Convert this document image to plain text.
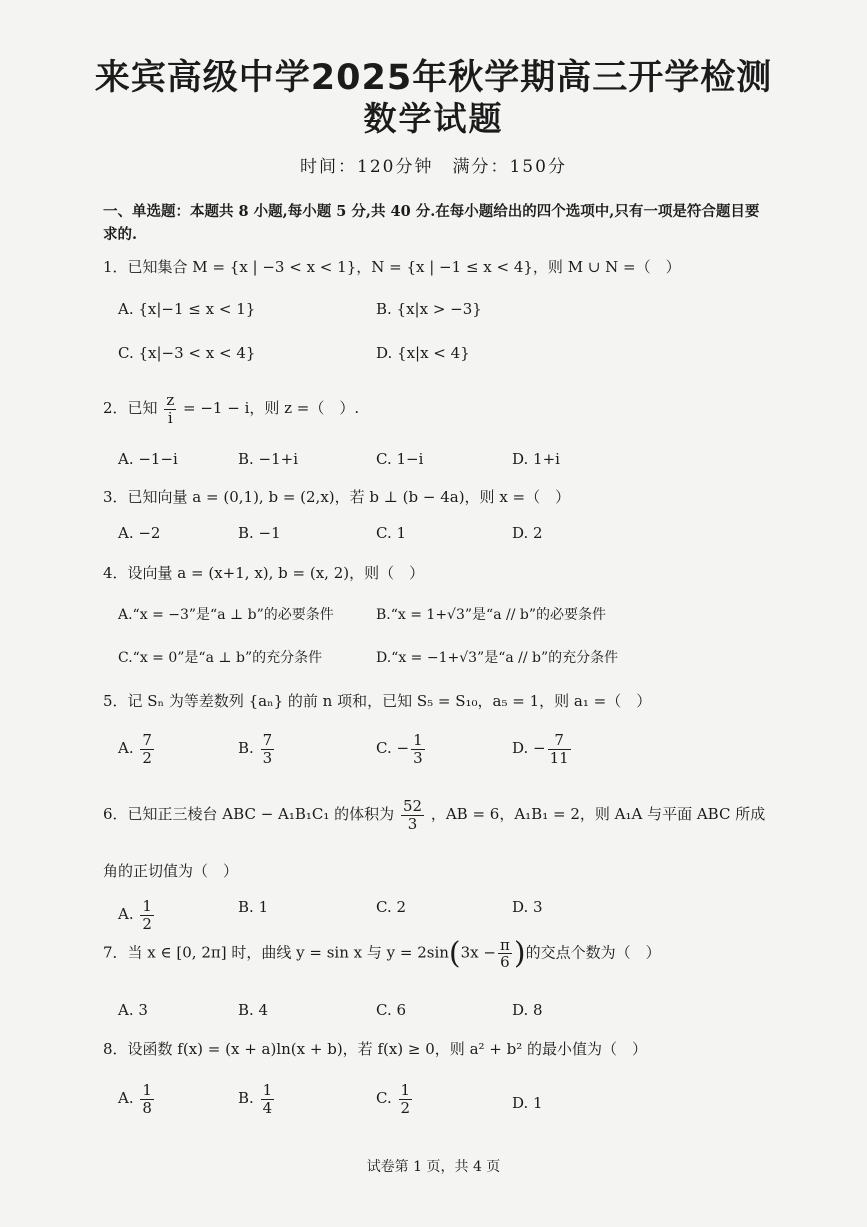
来宾高级中学2025年秋学期高三开学检测
数学试题
时间：120分钟　满分：150分
一、单选题：本题共 8 小题,每小题 5 分,共 40 分.在每小题给出的四个选项中,只有一项是符合题目要求的.
1．已知集合 M = {x | −3 < x < 1}，N = {x | −1 ≤ x < 4}，则 M ∪ N =（　）
A. {x|−1 ≤ x < 1}	B. {x|x > −3}
C. {x|−3 < x < 4}	D. {x|x < 4}
2．已知 $\frac{z}{i} = -1 - i$，则 z =（　）.
A. −1−i	B. −1+i	C. 1−i	D. 1+i
3．已知向量 a = (0,1), b = (2,x)，若 b ⊥ (b − 4a)，则 x =（　）
A. −2	B. −1	C. 1	D. 2
4．设向量 a = (x+1, x), b = (x, 2)，则（　）
A.“x = −3”是“a ⊥ b”的必要条件	B.“x = 1+√3”是“a // b”的必要条件
C.“x = 0”是“a ⊥ b”的充分条件	D.“x = −1+√3”是“a // b”的充分条件
5．记 Sₙ 为等差数列 {aₙ} 的前 n 项和，已知 S₅ = S₁₀，a₅ = 1，则 a₁ =（　）
A. $\frac{7}{2}$	B. $\frac{7}{3}$	C. − $\frac{1}{3}$	D. − $\frac{7}{11}$
6．已知正三棱台 ABC − A₁B₁C₁ 的体积为 $\frac{52}{3}$ ，AB = 6，A₁B₁ = 2，则 A₁A 与平面 ABC 所成
角的正切值为（　）
A. $\frac{1}{2}$	B. 1	C. 2	D. 3
7．当 x ∈ [0, 2π] 时，曲线 y = sin x 与 $y = 2\sin(3x - \frac{\pi}{6}$ )的交点个数为（　）
A. 3	B. 4	C. 6	D. 8
8．设函数 f(x) = (x + a)ln(x + b)，若 f(x) ≥ 0，则 a² + b² 的最小值为（　）
A. $\frac{1}{8}$	B. $\frac{1}{4}$	C. $\frac{1}{2}$	D. 1
试卷第 1 页，共 4 页
